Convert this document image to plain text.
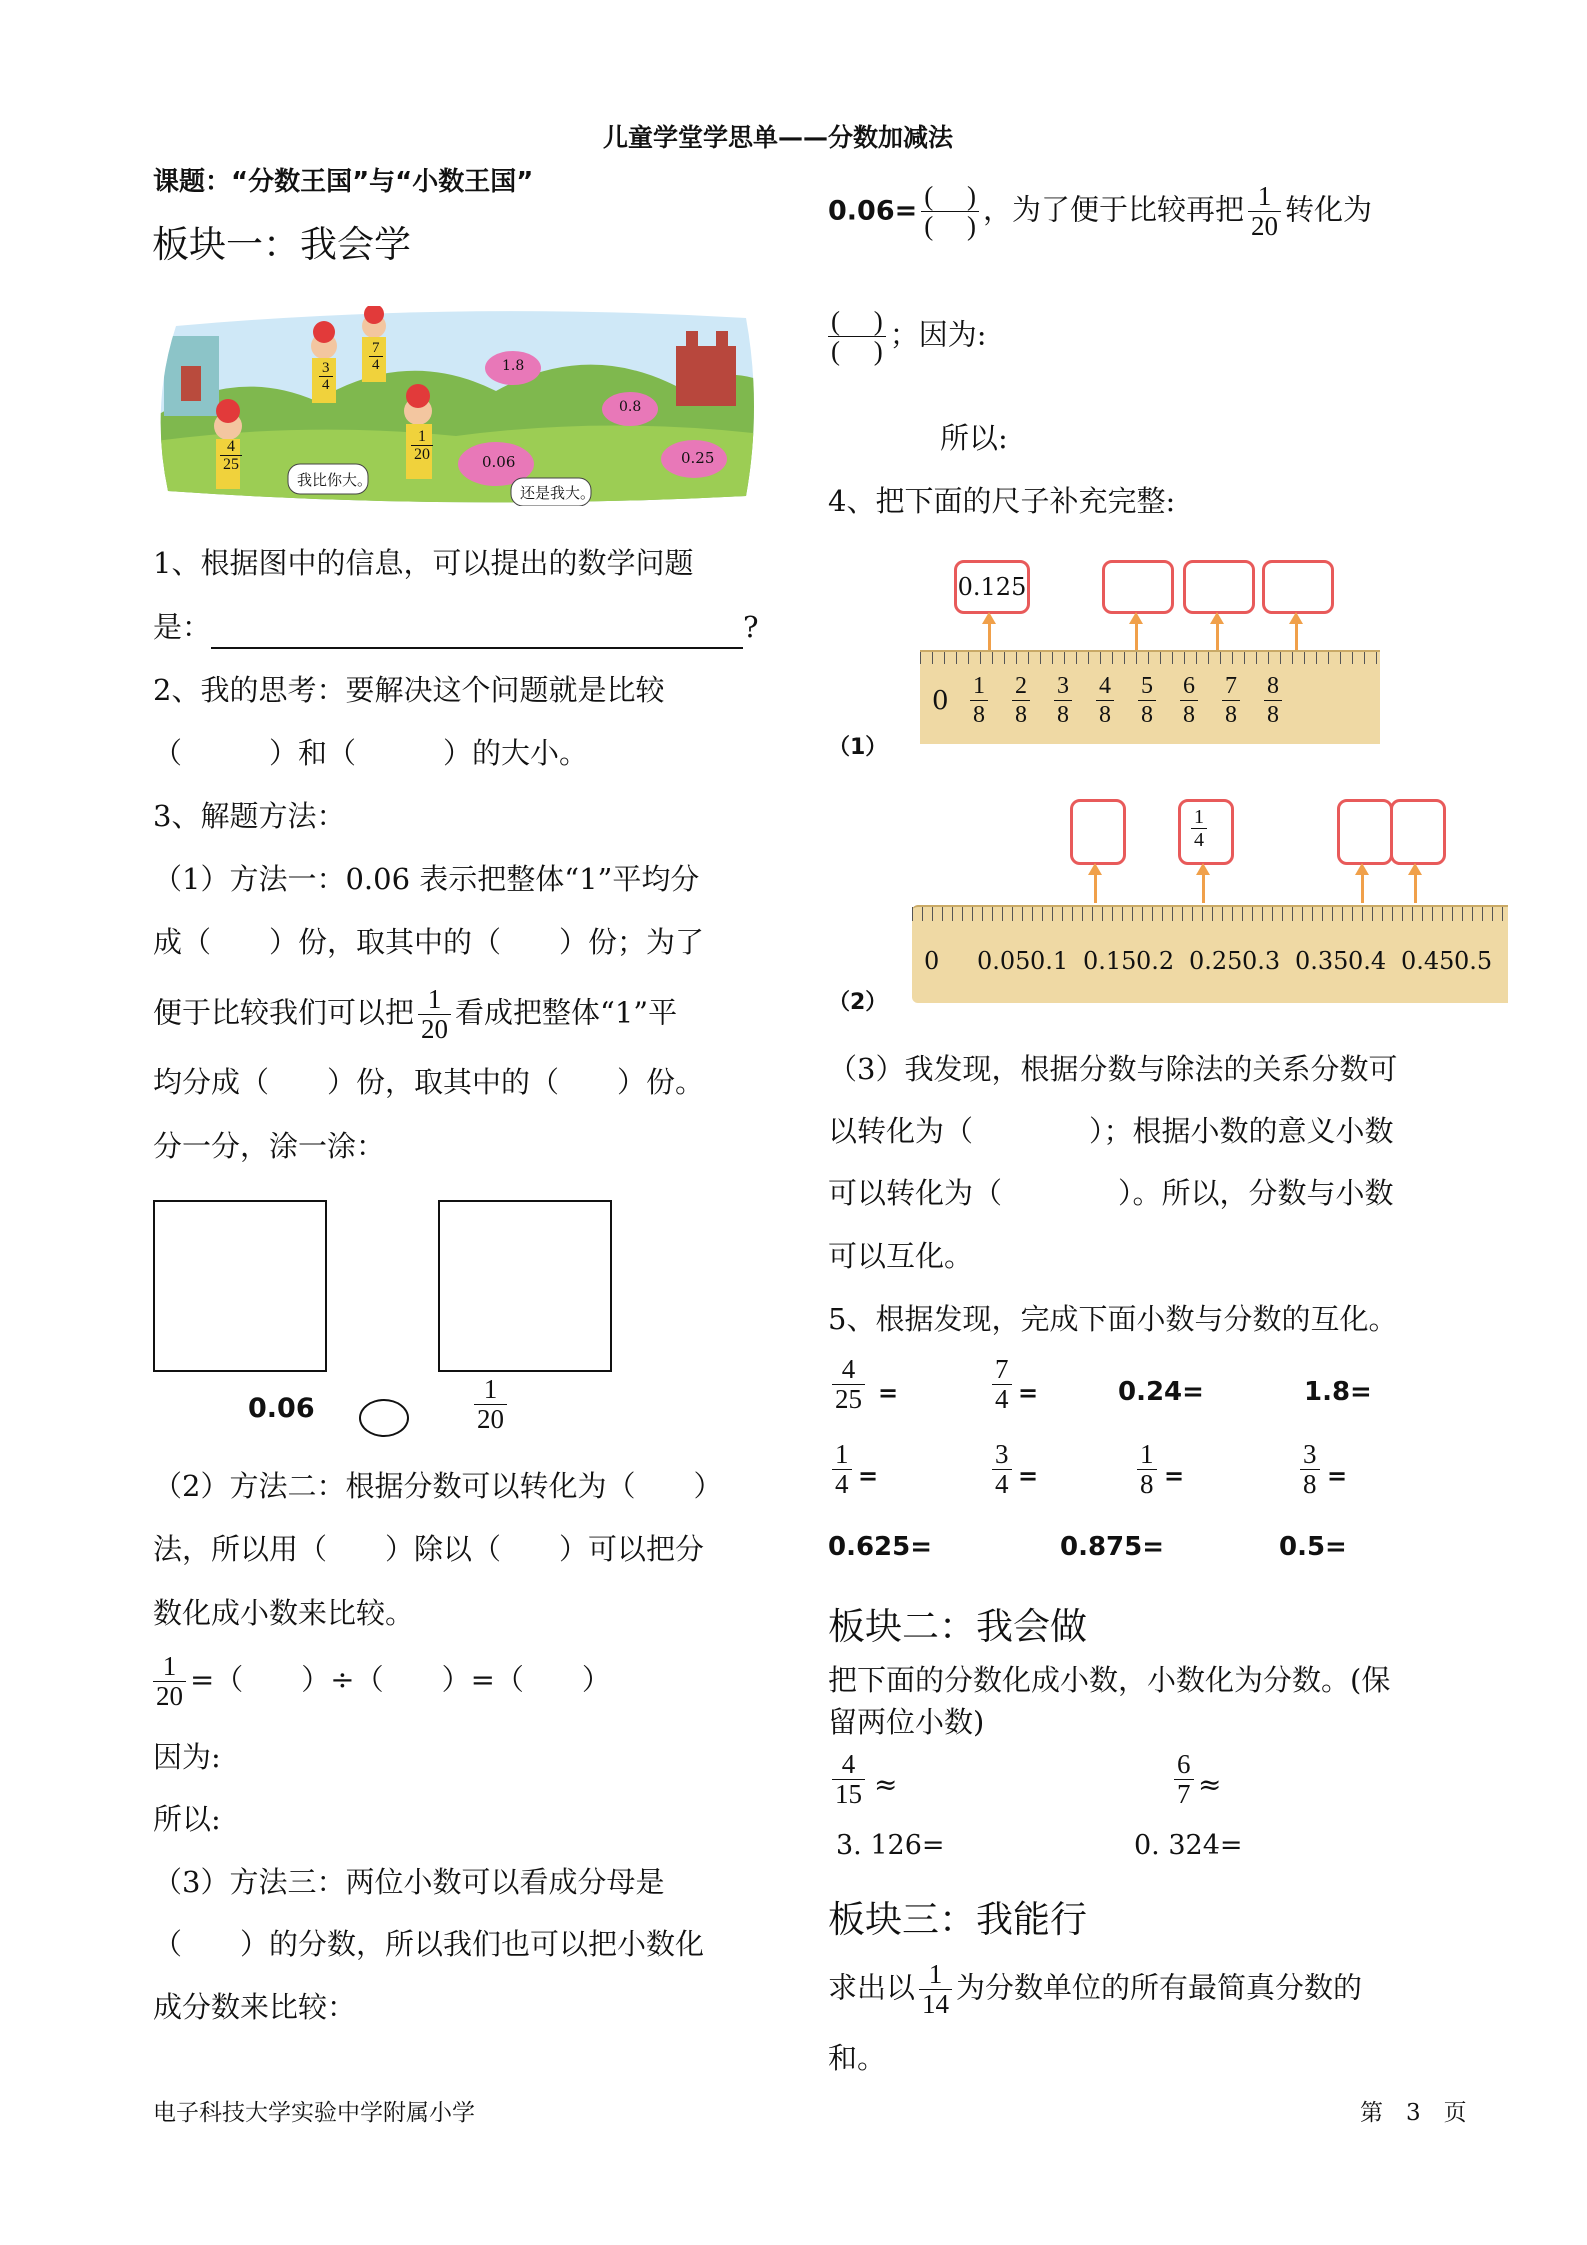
儿童学堂学思单——分数加减法
课题：“分数王国”与“小数王国”
板块一：我会学
$\frac{4}{25}$
$\frac{3}{4}$
$\frac{7}{4}$
$\frac{1}{20}$
1.8
0.8
0.06	0.25
我比你大。
还是我大。
1、根据图中的信息，可以提出的数学问题
是：	?
2、我的思考：要解决这个问题就是比较
（　　　）和（　　　）的大小。
3、解题方法：
（1）方法一：0.06 表示把整体“1”平均分
成（　　）份，取其中的（　　）份；为了
便于比较我们可以把 $\frac{1}{20}$ 看成把整体“1”平
均分成（　　）份，取其中的（　　）份。
分一分，涂一涂：
0.06	$\frac{1}{20}$
（2）方法二：根据分数可以转化为（　　）
法，所以用（　　）除以（　　）可以把分
数化成小数来比较。
$\frac{1}{20}$ =（　　）÷（　　）=（　　）
因为:
所以:
（3）方法三：两位小数可以看成分母是
（　　）的分数，所以我们也可以把小数化
成分数来比较：
$0.06= \frac{( )}{( )}$ ，为了便于比较再把 $\frac{1}{20}$ 转化为
$\frac{( )}{( )}$ ；因为:
所以:
4、把下面的尺子补充完整:
0.125
$0 \frac{1}{8} \frac{2}{8} \frac{3}{8} \frac{4}{8} \frac{5}{8} \frac{6}{8} \frac{7}{8} \frac{8}{8}$
（1）
$\frac{1}{4}$
0 0.05 0.1 0.15 0.2 0.25 0.3 0.35 0.4 0.45 0.5
（2）
（3）我发现，根据分数与除法的关系分数可
以转化为（　　　　）；根据小数的意义小数
可以转化为（　　　　）。所以，分数与小数
可以互化。
5、根据发现，完成下面小数与分数的互化。
$\frac{4}{25}$ =	$\frac{7}{4}$ =	0.24=	1.8=
$\frac{1}{4}$ =	$\frac{3}{4}$ =	$\frac{1}{8}$ =	$\frac{3}{8}$ =
0.625=	0.875=	0.5=
板块二：我会做
把下面的分数化成小数，小数化为分数。(保
留两位小数)
$\frac{4}{15}$ ≈	$\frac{6}{7}$ ≈
3. 126=	0. 324=
板块三：我能行
求出以 $\frac{1}{14}$ 为分数单位的所有最简真分数的
和。
电子科技大学实验中学附属小学	第　3　页
